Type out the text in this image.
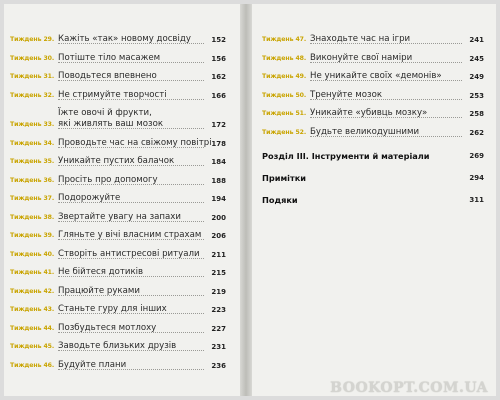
Тиждень 29. Кажіть «так» новому досвіду	152
Тиждень 30. Потіште тіло масажем	156
Тиждень 31. Поводьтеся впевнено	162
Тиждень 32. Не стримуйте творчості	166
Тиждень 33.
Їжте овочі й фрукти,
які живлять ваш мозок	172
Тиждень 34. Проводьте час на свіжому повітрі 178
Тиждень 35. Уникайте пустих балачок	184
Тиждень 36. Просіть про допомогу	188
Тиждень 37. Подорожуйте	194
Тиждень 38. Звертайте увагу на запахи	200
Тиждень 39. Гляньте у вічі власним страхам	206
Тиждень 40. Створіть антистресові ритуали	211
Тиждень 41. Не бійтеся дотиків	215
Тиждень 42. Працюйте руками	219
Тиждень 43. Станьте гуру для інших	223
Тиждень 44. Позбудьтеся мотлоху	227
Тиждень 45. Заводьте близьких друзів	231
Тиждень 46. Будуйте плани	236
Тиждень 47. Знаходьте час на ігри	241
Тиждень 48. Виконуйте свої наміри	245
Тиждень 49. Не уникайте своїх «демонів»	249
Тиждень 50. Тренуйте мозок	253
Тиждень 51. Уникайте «убивць мозку»	258
Тиждень 52. Будьте великодушними	262
Розділ III. Інструменти й матеріали	269
Примітки	294
Подяки	311
BOOKOPT.COM.UA
